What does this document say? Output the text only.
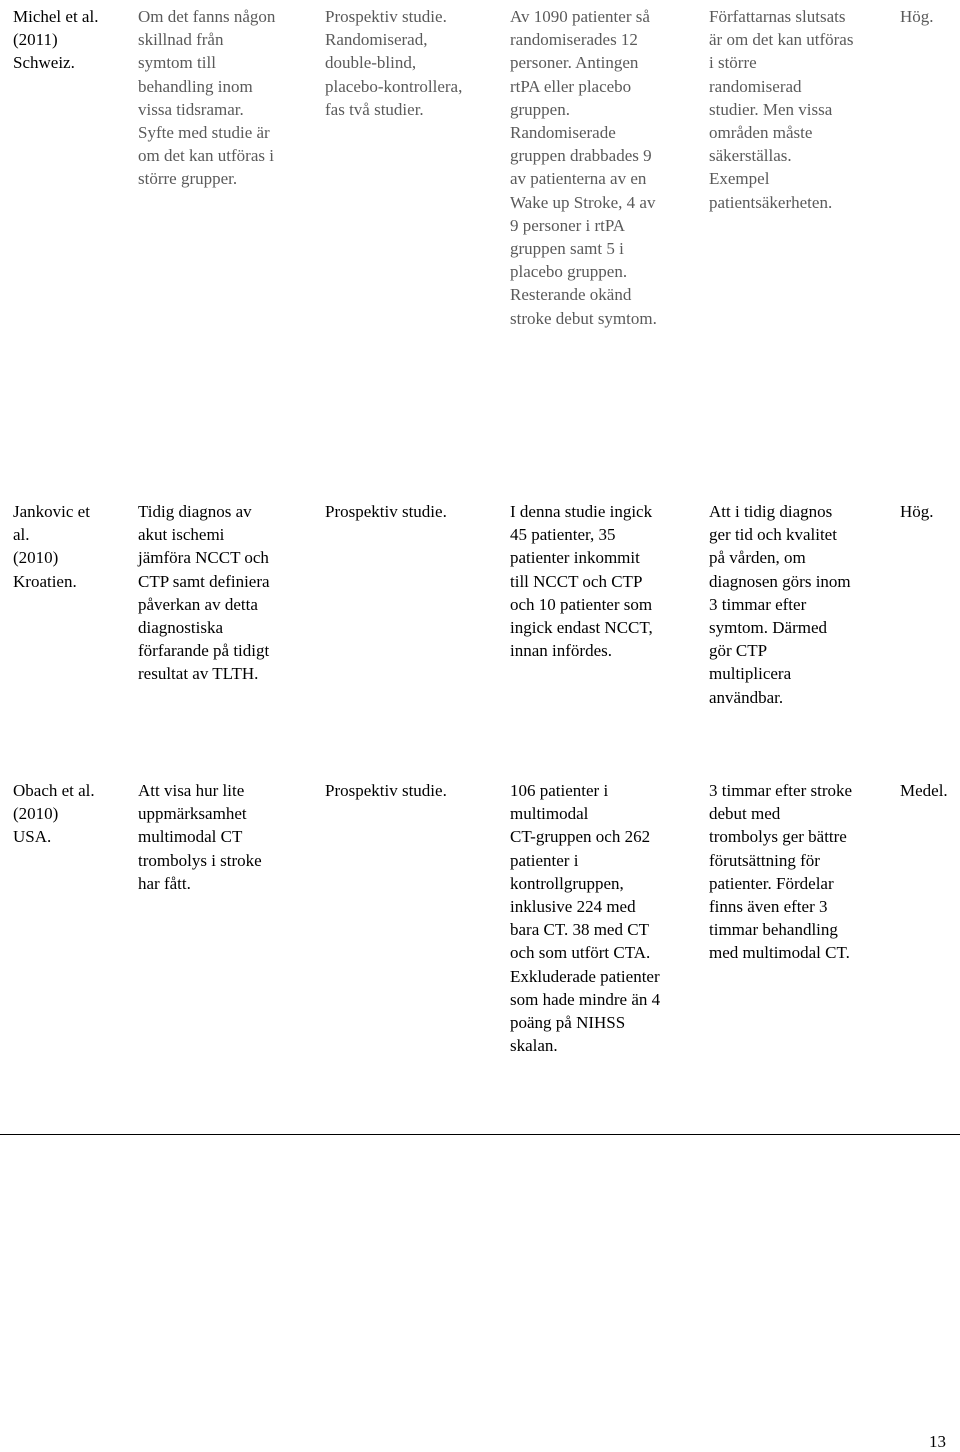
Michel et al.
(2011)
Schweiz.
Om det fanns någon
skillnad från
symtom till
behandling inom
vissa tidsramar.
Syfte med studie är
om det kan utföras i
större grupper.
Prospektiv studie.
Randomiserad,
double-blind,
placebo-kontrollera,
fas två studier.
Av 1090 patienter så
randomiserades 12
personer. Antingen
rtPA eller placebo
gruppen.
Randomiserade
gruppen drabbades 9
av patienterna av en
Wake up Stroke, 4 av
9 personer i rtPA
gruppen samt 5 i
placebo gruppen.
Resterande okänd
stroke debut symtom.
Författarnas slutsats
är om det kan utföras
i större
randomiserad
studier. Men vissa
områden måste
säkerställas.
Exempel
patientsäkerheten.
Hög.
Jankovic et
al.
(2010)
Kroatien.
Tidig diagnos av
akut ischemi
jämföra NCCT och
CTP samt definiera
påverkan av detta
diagnostiska
förfarande på tidigt
resultat av TLTH.
Prospektiv studie.	I denna studie ingick
45 patienter, 35
patienter inkommit
till NCCT och CTP
och 10 patienter som
ingick endast NCCT,
innan infördes.
Att i tidig diagnos
ger tid och kvalitet
på vården, om
diagnosen görs inom
3 timmar efter
symtom. Därmed
gör CTP
multiplicera
användbar.
Hög.
Obach et al.
(2010)
USA.
Att visa hur lite
uppmärksamhet
multimodal CT
trombolys i stroke
har fått.
Prospektiv studie.	106 patienter i
multimodal
CT-gruppen och 262
patienter i
kontrollgruppen,
inklusive 224 med
bara CT. 38 med CT
och som utfört CTA.
Exkluderade patienter
som hade mindre än 4
poäng på NIHSS
skalan.
3 timmar efter stroke
debut med
trombolys ger bättre
förutsättning för
patienter. Fördelar
finns även efter 3
timmar behandling
med multimodal CT.
Medel.
13
